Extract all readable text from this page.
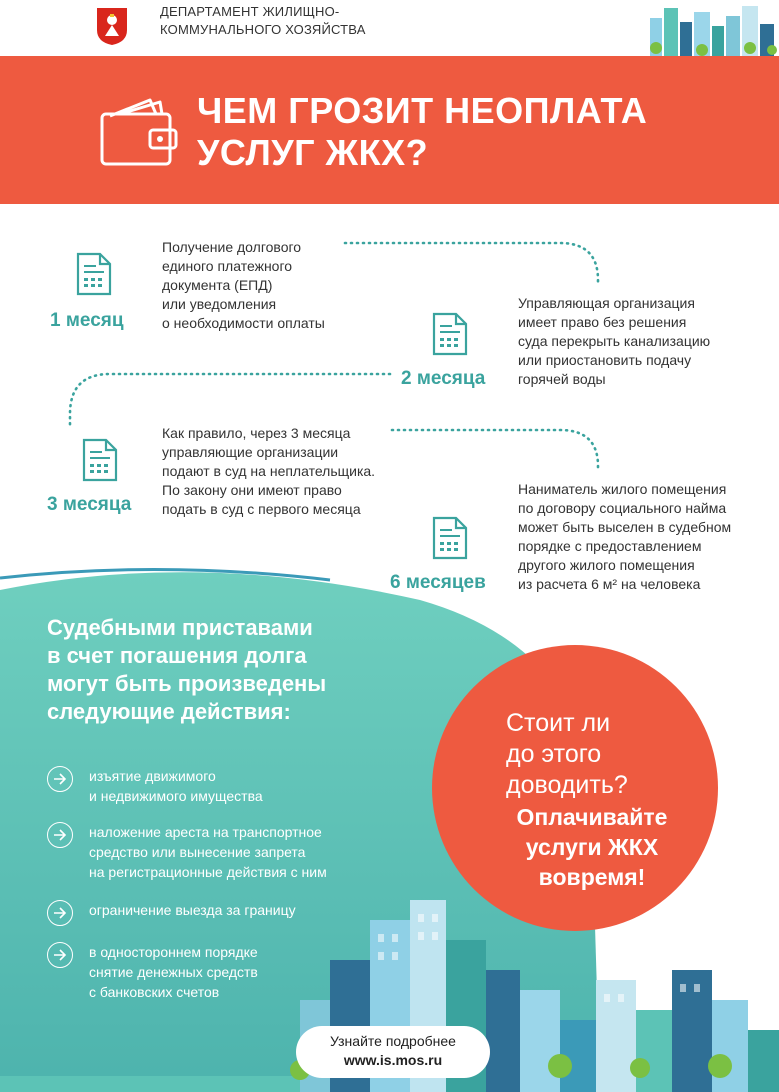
ДЕПАРТАМЕНТ ЖИЛИЩНО-
КОММУНАЛЬНОГО ХОЗЯЙСТВА
ЧЕМ ГРОЗИТ НЕОПЛАТА
УСЛУГ ЖКХ?
1 месяц
Получение долгового
единого платежного
документа (ЕПД)
или уведомления
о необходимости оплаты
2 месяца
Управляющая организация
имеет право без решения
суда перекрыть канализацию
или приостановить подачу
горячей воды
3 месяца
Как правило, через 3 месяца
управляющие организации
подают в суд на неплательщика.
По закону они имеют право
подать в суд с первого месяца
6 месяцев
Наниматель жилого помещения
по договору социального найма
может быть выселен в судебном
порядке с предоставлением
другого жилого помещения
из расчета 6 м² на человека
Судебными приставами
в счет погашения долга
могут быть произведены
следующие действия:
изъятие движимого
и недвижимого имущества
наложение ареста на транспортное
средство или вынесение запрета
на регистрационные действия с ним
ограничение выезда за границу
в одностороннем порядке
снятие денежных средств
с банковских счетов
Стоит ли
до этого
доводить?
Оплачивайте
услуги ЖКХ
вовремя!
Узнайте подробнее
www.is.mos.ru
